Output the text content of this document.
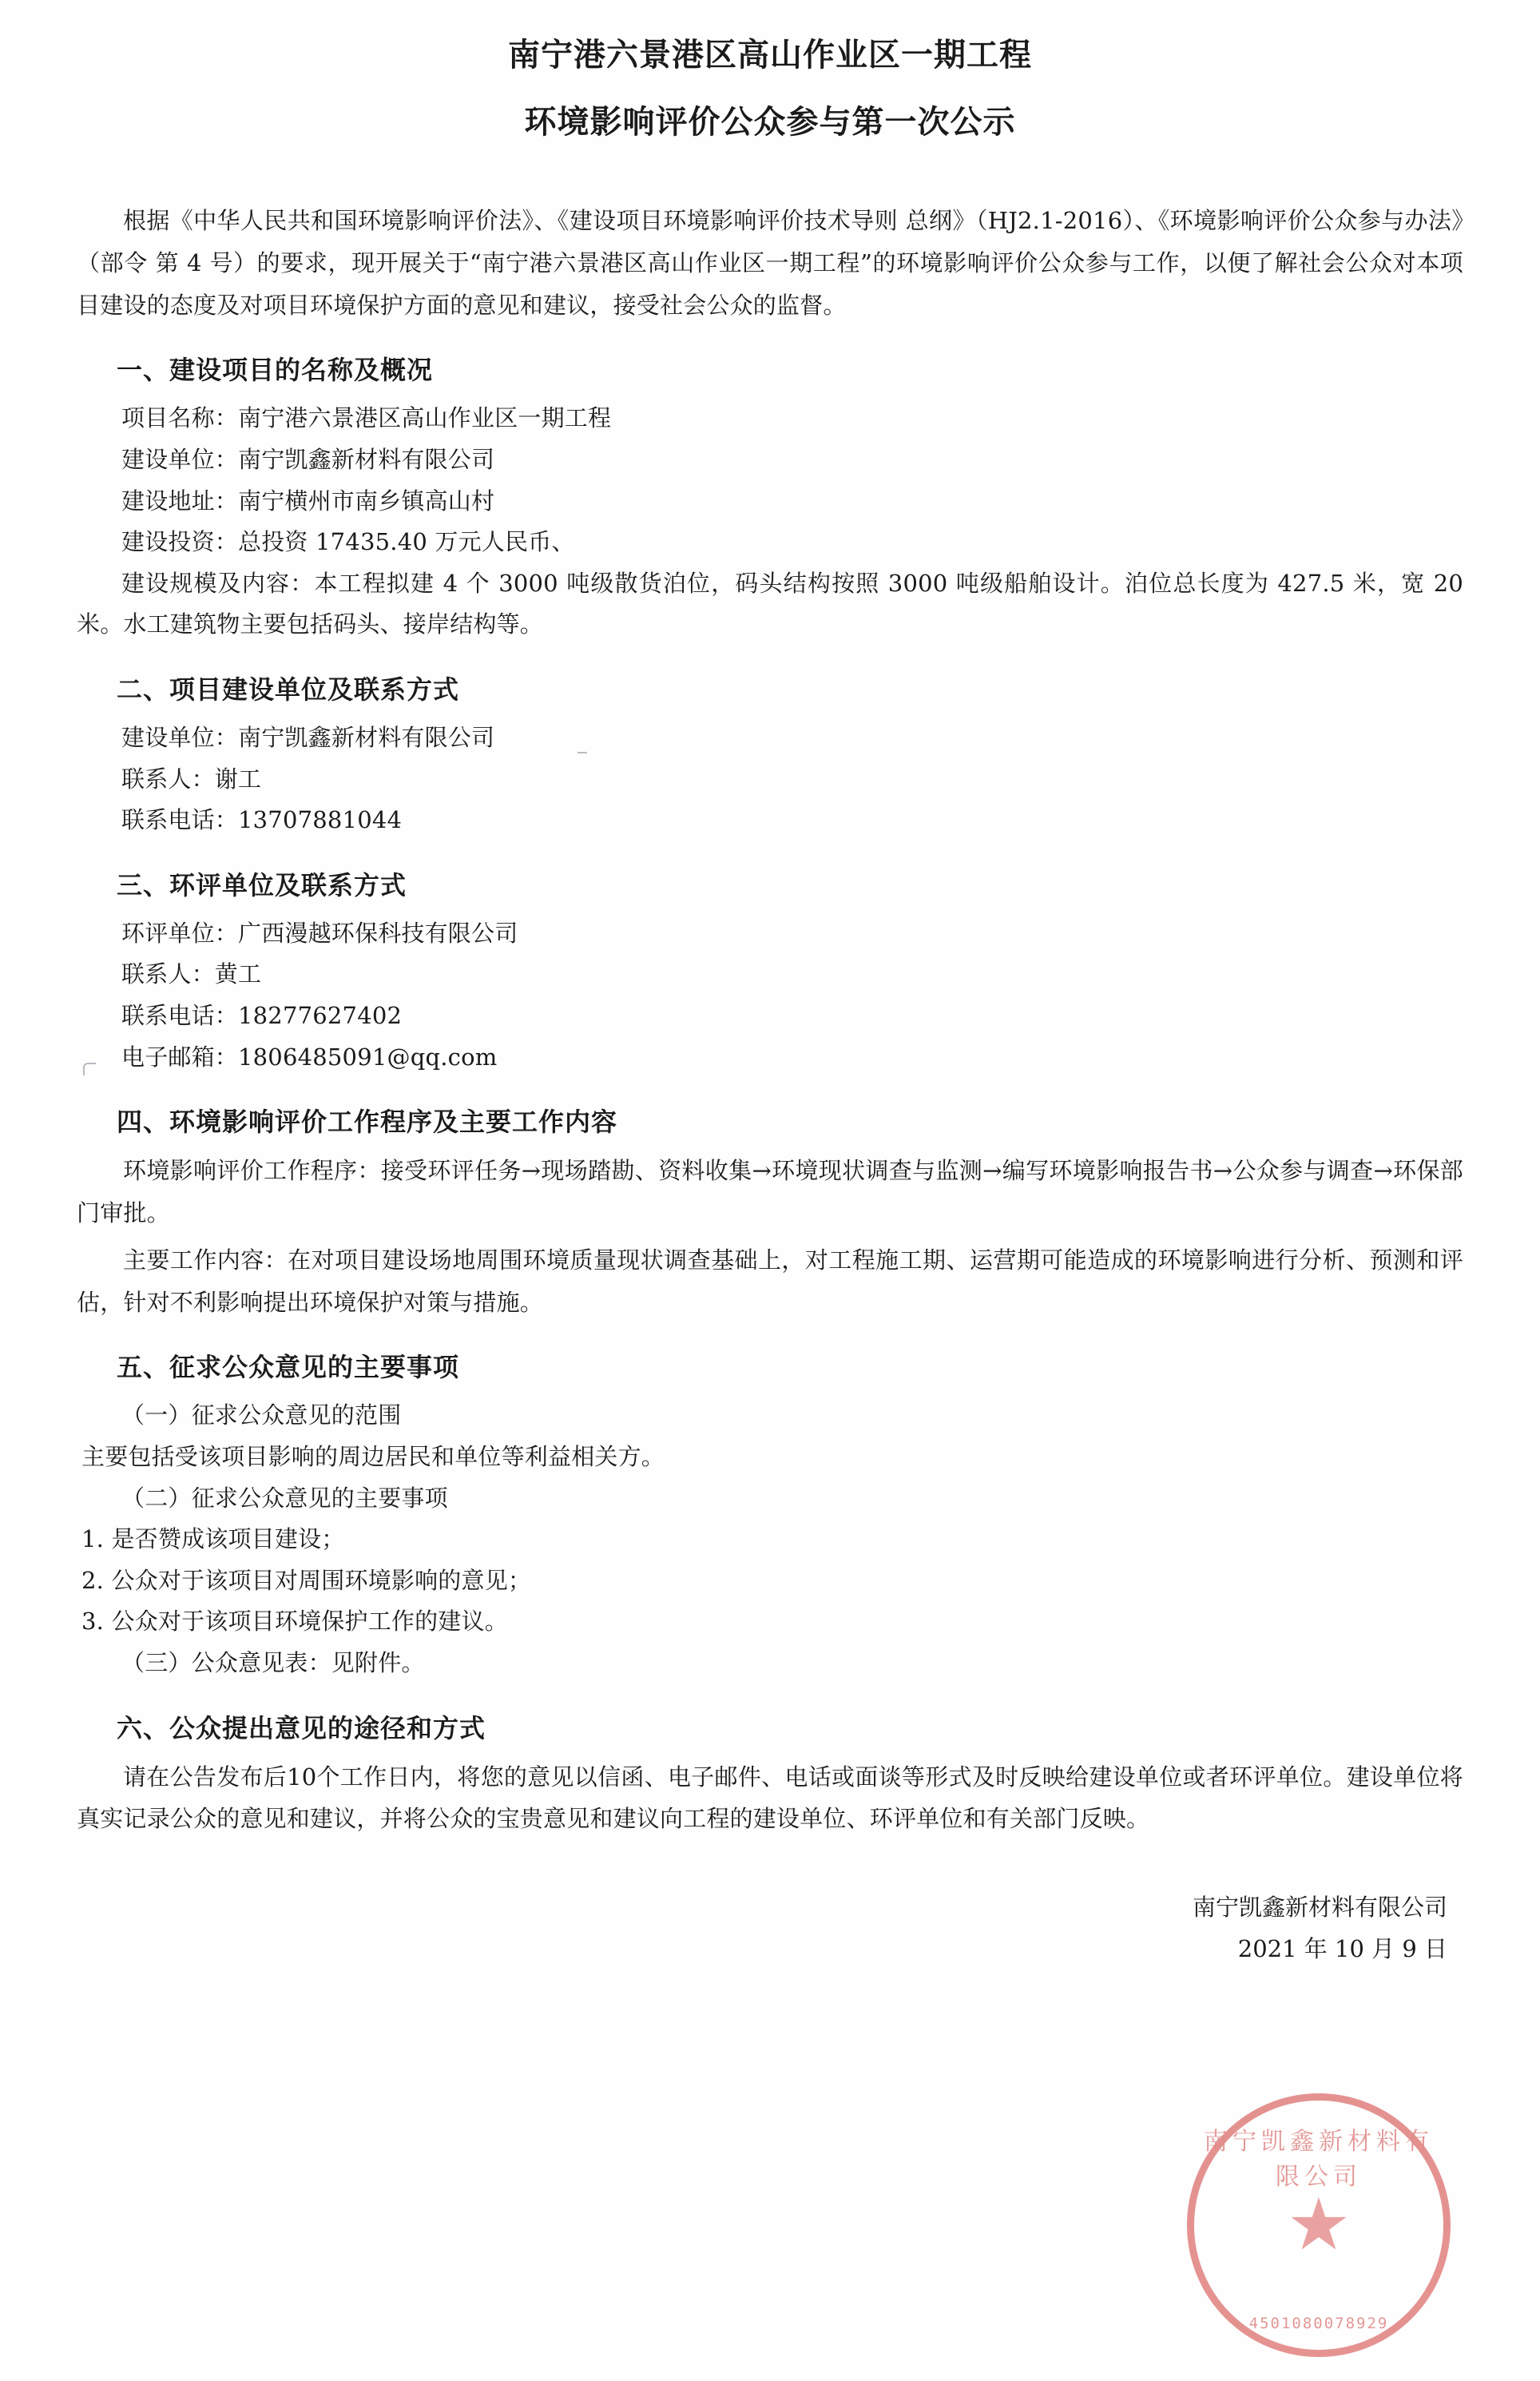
南宁港六景港区高山作业区一期工程
环境影响评价公众参与第一次公示

根据《中华人民共和国环境影响评价法》、《建设项目环境影响评价技术导则 总纲》（HJ2.1-2016）、《环境影响评价公众参与办法》（部令 第 4 号）的要求，现开展关于“南宁港六景港区高山作业区一期工程”的环境影响评价公众参与工作，以便了解社会公众对本项目建设的态度及对项目环境保护方面的意见和建议，接受社会公众的监督。

一、建设项目的名称及概况
项目名称：南宁港六景港区高山作业区一期工程
建设单位：南宁凯鑫新材料有限公司
建设地址：南宁横州市南乡镇高山村
建设投资：总投资 17435.40 万元人民币、
建设规模及内容：本工程拟建 4 个 3000 吨级散货泊位，码头结构按照 3000 吨级船舶设计。泊位总长度为 427.5 米，宽 20 米。水工建筑物主要包括码头、接岸结构等。
二、项目建设单位及联系方式
建设单位：南宁凯鑫新材料有限公司
联系人：谢工
联系电话：13707881044
三、环评单位及联系方式
环评单位：广西漫越环保科技有限公司
联系人：黄工
联系电话：18277627402
电子邮箱：1806485091@qq.com
四、环境影响评价工作程序及主要工作内容

环境影响评价工作程序：接受环评任务→现场踏勘、资料收集→环境现状调查与监测→编写环境影响报告书→公众参与调查→环保部门审批。

主要工作内容：在对项目建设场地周围环境质量现状调查基础上，对工程施工期、运营期可能造成的环境影响进行分析、预测和评估，针对不利影响提出环境保护对策与措施。

五、征求公众意见的主要事项
（一）征求公众意见的范围
主要包括受该项目影响的周边居民和单位等利益相关方。
（二）征求公众意见的主要事项
1. 是否赞成该项目建设；
2. 公众对于该项目对周围环境影响的意见；
3. 公众对于该项目环境保护工作的建议。
（三）公众意见表：见附件。
六、公众提出意见的途径和方式

请在公告发布后10个工作日内，将您的意见以信函、电子邮件、电话或面谈等形式及时反映给建设单位或者环评单位。建设单位将真实记录公众的意见和建议，并将公众的宝贵意见和建议向工程的建设单位、环评单位和有关部门反映。

南宁凯鑫新材料有限公司
2021 年 10 月 9 日
南宁凯鑫新材料有限公司
★
4501080078929
